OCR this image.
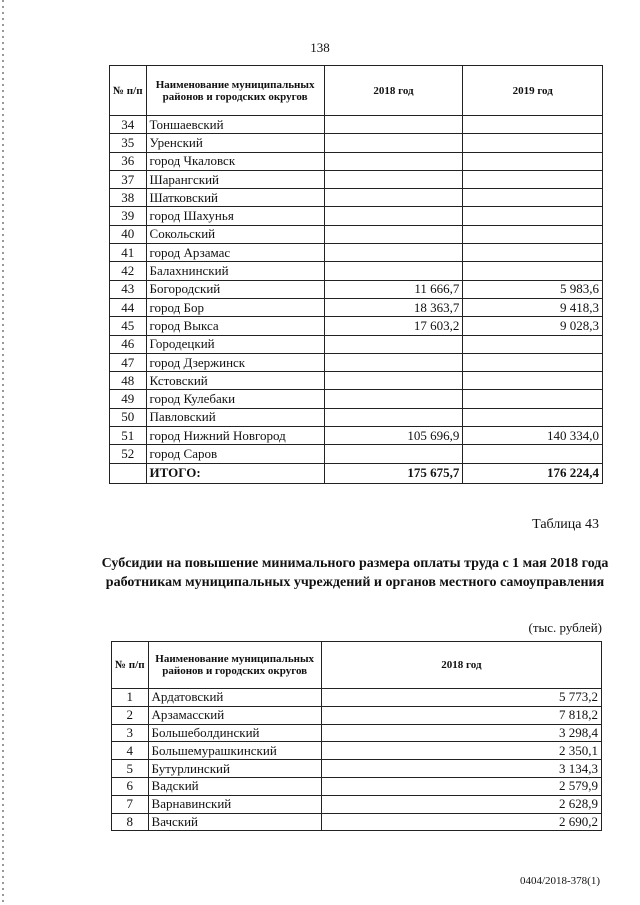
138
№ п/п	Наименование муниципальных районов и городских округов	2018 год	2019 год
34	Тоншаевский		
35	Уренский		
36	город Чкаловск		
37	Шарангский		
38	Шатковский		
39	город Шахунья		
40	Сокольский		
41	город Арзамас		
42	Балахнинский		
43	Богородский	11 666,7	5 983,6
44	город Бор	18 363,7	9 418,3
45	город Выкса	17 603,2	9 028,3
46	Городецкий		
47	город Дзержинск		
48	Кстовский		
49	город Кулебаки		
50	Павловский		
51	город Нижний Новгород	105 696,9	140 334,0
52	город Саров		
	ИТОГО:	175 675,7	176 224,4
Таблица 43
Субсидии на повышение минимального размера оплаты труда с 1 мая 2018 года работникам муниципальных учреждений и органов местного самоуправления
(тыс. рублей)
№ п/п	Наименование муниципальных районов и городских округов	2018 год
1	Ардатовский	5 773,2
2	Арзамасский	7 818,2
3	Большеболдинский	3 298,4
4	Большемурашкинский	2 350,1
5	Бутурлинский	3 134,3
6	Вадский	2 579,9
7	Варнавинский	2 628,9
8	Вачский	2 690,2
0404/2018-378(1)
